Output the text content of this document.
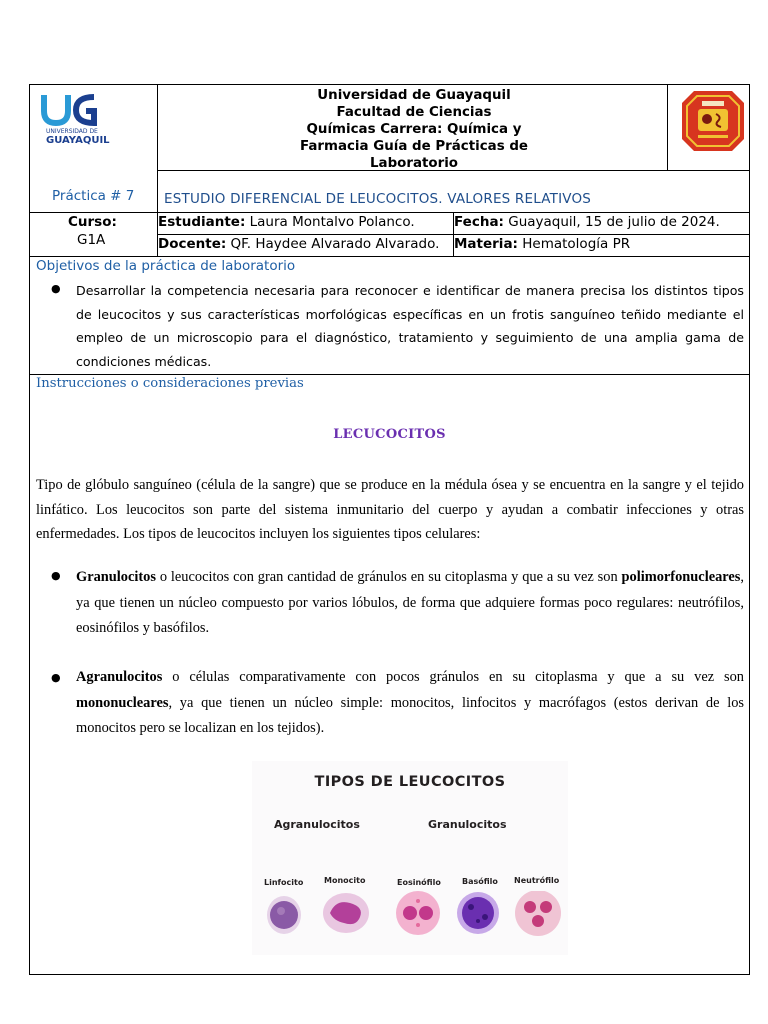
UNIVERSIDAD DE
GUAYAQUIL
Universidad de Guayaquil
Facultad de Ciencias
Químicas Carrera: Química y
Farmacia Guía de Prácticas de
Laboratorio
Práctica # 7 ESTUDIO DIFERENCIAL DE LEUCOCITOS. VALORES RELATIVOS
Curso:
G1A
Estudiante: Laura Montalvo Polanco.	Fecha: Guayaquil, 15 de julio de 2024.
Docente: QF. Haydee Alvarado Alvarado. Materia: Hematología PR
Objetivos de la práctica de laboratorio
● Desarrollar la competencia necesaria para reconocer e identificar de manera precisa los distintos tipos de leucocitos y sus características morfológicas específicas en un frotis sanguíneo teñido mediante el empleo de un microscopio para el diagnóstico, tratamiento y seguimiento de una amplia gama de condiciones médicas.
Instrucciones o consideraciones previas
LECUCOCITOS
Tipo de glóbulo sanguíneo (célula de la sangre) que se produce en la médula ósea y se encuentra en la sangre y el tejido linfático. Los leucocitos son parte del sistema inmunitario del cuerpo y ayudan a combatir infecciones y otras enfermedades. Los tipos de leucocitos incluyen los siguientes tipos celulares:
● Granulocitos o leucocitos con gran cantidad de gránulos en su citoplasma y que a su vez son polimorfonucleares, ya que tienen un núcleo compuesto por varios lóbulos, de forma que adquiere formas poco regulares: neutrófilos, eosinófilos y basófilos.
● Agranulocitos o células comparativamente con pocos gránulos en su citoplasma y que a su vez son mononucleares, ya que tienen un núcleo simple: monocitos, linfocitos y macrófagos (estos derivan de los monocitos pero se localizan en los tejidos).
TIPOS DE LEUCOCITOS
Agranulocitos	Granulocitos
Linfocito	Monocito	Eosinófilo	Basófilo Neutrófilo
